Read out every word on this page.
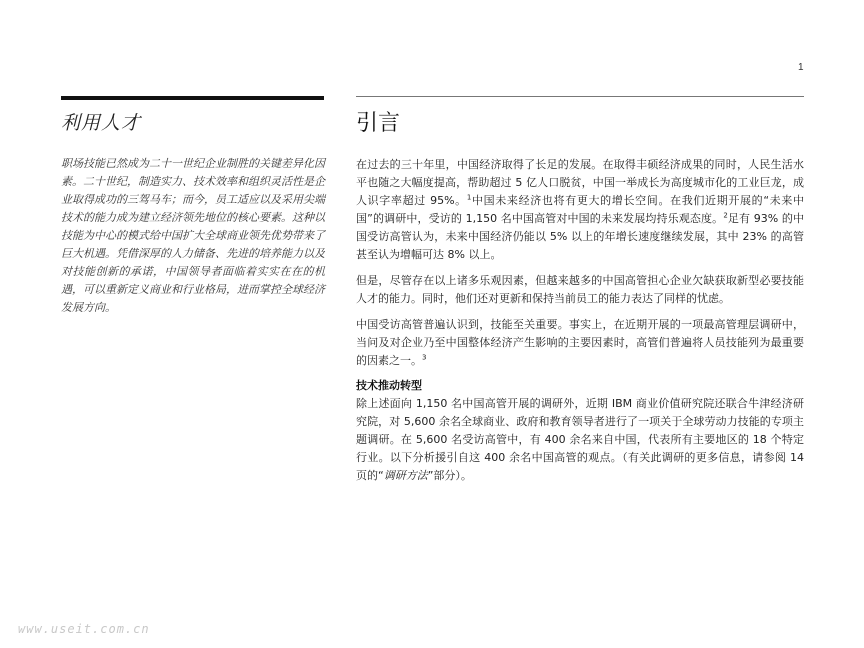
1
利用人才	引言
职场技能已然成为二十一世纪企业制胜的关键差异化因素。二十世纪，制造实力、技术效率和组织灵活性是企业取得成功的三驾马车；而今，员工适应以及采用尖端技术的能力成为建立经济领先地位的核心要素。这种以技能为中心的模式给中国扩大全球商业领先优势带来了巨大机遇。凭借深厚的人力储备、先进的培养能力以及对技能创新的承诺，中国领导者面临着实实在在的机遇，可以重新定义商业和行业格局，进而掌控全球经济发展方向。

在过去的三十年里，中国经济取得了长足的发展。在取得丰硕经济成果的同时，人民生活水平也随之大幅度提高，帮助超过 5 亿人口脱贫，中国一举成长为高度城市化的工业巨龙，成人识字率超过 95%。$^1$中国未来经济也将有更大的增长空间。在我们近期开展的“未来中国”的调研中，受访的 1,150 名中国高管对中国的未来发展均持乐观态度。$^2$足有 93% 的中国受访高管认为，未来中国经济仍能以 5% 以上的年增长速度继续发展，其中 23% 的高管甚至认为增幅可达 8% 以上。

但是，尽管存在以上诸多乐观因素，但越来越多的中国高管担心企业欠缺获取新型必要技能人才的能力。同时，他们还对更新和保持当前员工的能力表达了同样的忧虑。

中国受访高管普遍认识到，技能至关重要。事实上，在近期开展的一项最高管理层调研中，当问及对企业乃至中国整体经济产生影响的主要因素时，高管们普遍将人员技能列为最重要的因素之一。$^3$

技术推动转型

除上述面向 1,150 名中国高管开展的调研外，近期 IBM 商业价值研究院还联合牛津经济研究院，对 5,600 余名全球商业、政府和教育领导者进行了一项关于全球劳动力技能的专项主题调研。在 5,600 名受访高管中，有 400 余名来自中国，代表所有主要地区的 18 个特定行业。以下分析援引自这 400 余名中国高管的观点。（有关此调研的更多信息，请参阅 14 页的“调研方法”部分）。

www.useit.com.cn
